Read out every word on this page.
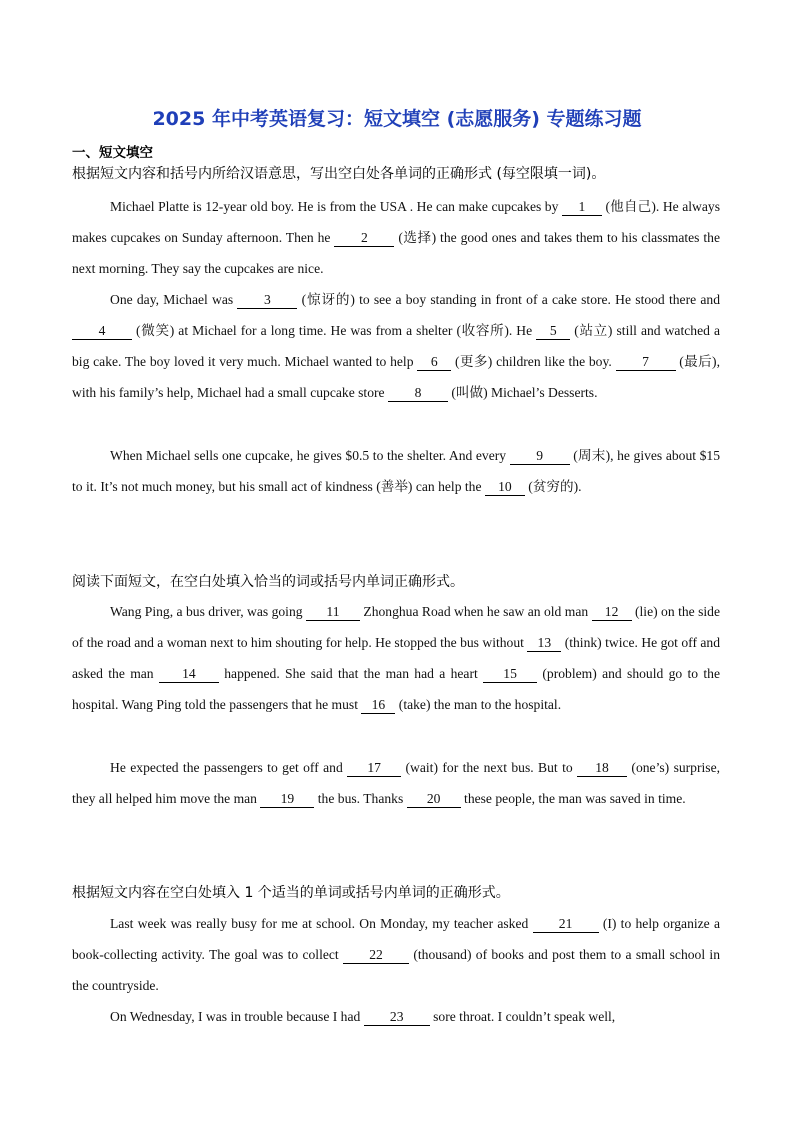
2025 年中考英语复习：短文填空 (志愿服务) 专题练习题
一、短文填空
根据短文内容和括号内所给汉语意思，写出空白处各单词的正确形式 (每空限填一词)。

Michael Platte is 12-year old boy. He is from the USA . He can make cupcakes by 1 (他自己). He always makes cupcakes on Sunday afternoon. Then he 2 (选择) the good ones and takes them to his classmates the next morning. They say the cupcakes are nice.

One day, Michael was 3 (惊讶的) to see a boy standing in front of a cake store. He stood there and 4 (微笑) at Michael for a long time. He was from a shelter (收容所). He 5 (站立) still and watched a big cake. The boy loved it very much. Michael wanted to help 6 (更多) children like the boy. 7 (最后), with his family’s help, Michael had a small cupcake store 8 (叫做) Michael’s Desserts.

When Michael sells one cupcake, he gives $0.5 to the shelter. And every 9 (周末), he gives about $15 to it. It’s not much money, but his small act of kindness (善举) can help the 10 (贫穷的).

阅读下面短文，在空白处填入恰当的词或括号内单词正确形式。

Wang Ping, a bus driver, was going 11 Zhonghua Road when he saw an old man 12 (lie) on the side of the road and a woman next to him shouting for help. He stopped the bus without 13 (think) twice. He got off and asked the man 14 happened. She said that the man had a heart 15 (problem) and should go to the hospital. Wang Ping told the passengers that he must 16 (take) the man to the hospital.

He expected the passengers to get off and 17 (wait) for the next bus. But to 18 (one’s) surprise, they all helped him move the man 19 the bus. Thanks 20 these people, the man was saved in time.

根据短文内容在空白处填入 1 个适当的单词或括号内单词的正确形式。

Last week was really busy for me at school. On Monday, my teacher asked 21 (I) to help organize a book-collecting activity. The goal was to collect 22 (thousand) of books and post them to a small school in the countryside.

On Wednesday, I was in trouble because I had 23 sore throat. I couldn’t speak well,
